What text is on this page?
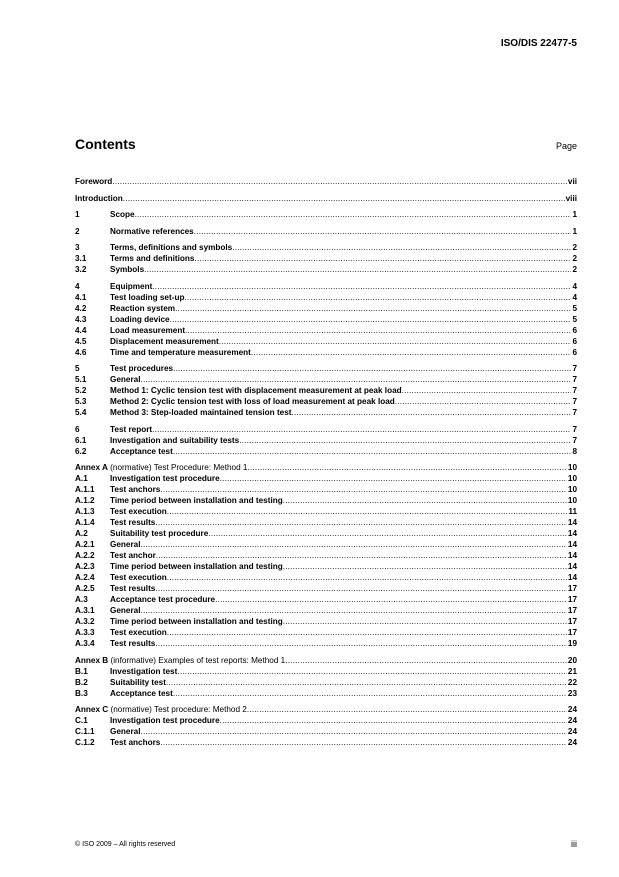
ISO/DIS 22477-5
Contents	Page
Foreword .....	vii
Introduction .....	viii
1	Scope .....	1
2	Normative references .....	1
3	Terms, definitions and symbols .....	2
3.1	Terms and definitions .....	2
3.2	Symbols .....	2
4	Equipment .....	4
4.1	Test loading set-up .....	4
4.2	Reaction system .....	5
4.3	Loading device .....	5
4.4	Load measurement .....	6
4.5	Displacement measurement .....	6
4.6	Time and temperature measurement .....	6
5	Test procedures .....	7
5.1	General .....	7
5.2	Method 1: Cyclic tension test with displacement measurement at peak load .....	7
5.3	Method 2: Cyclic tension test with loss of load measurement at peak load .....	7
5.4	Method 3: Step-loaded maintained tension test .....	7
6	Test report .....	7
6.1	Investigation and suitability tests .....	7
6.2	Acceptance test .....	8
Annex A (normative) Test Procedure: Method 1 .....	10
A.1	Investigation test procedure .....	10
A.1.1	Test anchors .....	10
A.1.2	Time period between installation and testing .....	10
A.1.3	Test execution .....	11
A.1.4	Test results .....	14
A.2	Suitability test procedure .....	14
A.2.1	General .....	14
A.2.2	Test anchor .....	14
A.2.3	Time period between installation and testing .....	14
A.2.4	Test execution .....	14
A.2.5	Test results .....	17
A.3	Acceptance test procedure .....	17
A.3.1	General .....	17
A.3.2	Time period between installation and testing .....	17
A.3.3	Test execution .....	17
A.3.4	Test results .....	19
Annex B (informative) Examples of test reports: Method 1 .....	20
B.1	Investigation test .....	21
B.2	Suitability test .....	22
B.3	Acceptance test .....	23
Annex C (normative) Test procedure: Method 2 .....	24
C.1	Investigation test procedure .....	24
C.1.1	General .....	24
C.1.2	Test anchors .....	24
© ISO 2009 – All rights reserved	iii
